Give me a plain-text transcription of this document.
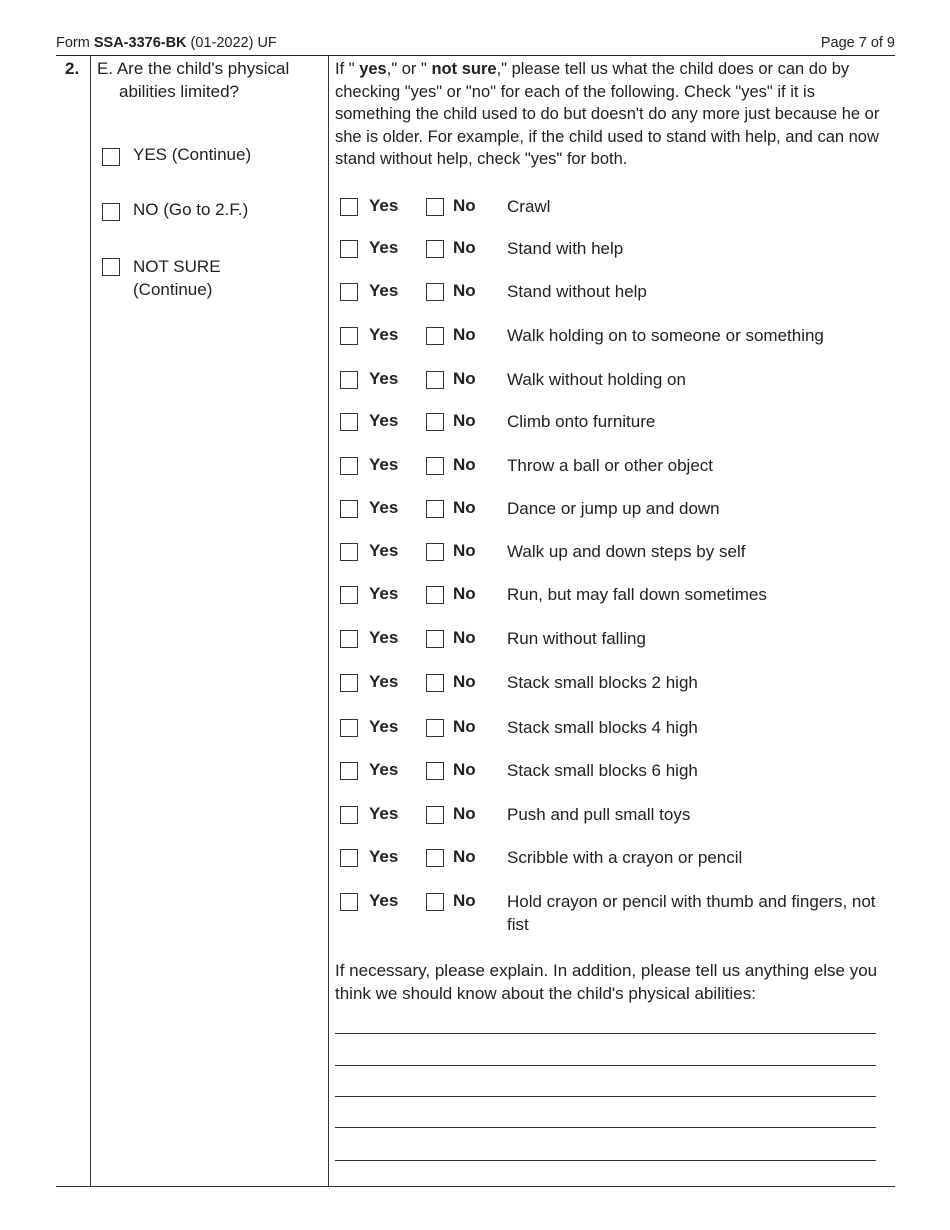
Form SSA-3376-BK (01-2022) UF	Page 7 of 9
2. E. Are the child's physical
abilities limited?
YES (Continue)
NO (Go to 2.F.)
NOT SURE
(Continue)
If " yes," or " not sure," please tell us what the child does or can do by checking "yes" or "no" for each of the following. Check "yes" if it is something the child used to do but doesn't do any more just because he or she is older. For example, if the child used to stand with help, and can now stand without help, check "yes" for both.
Yes	No Crawl
Yes	No Stand with help
Yes	No Stand without help
Yes	No Walk holding on to someone or something
Yes	No Walk without holding on
Yes	No Climb onto furniture
Yes	No Throw a ball or other object
Yes	No Dance or jump up and down
Yes	No Walk up and down steps by self
Yes	No Run, but may fall down sometimes
Yes	No Run without falling
Yes	No Stack small blocks 2 high
Yes	No Stack small blocks 4 high
Yes	No Stack small blocks 6 high
Yes	No Push and pull small toys
Yes	No Scribble with a crayon or pencil
Yes	No Hold crayon or pencil with thumb and fingers, not fist
If necessary, please explain. In addition, please tell us anything else you think we should know about the child's physical abilities:
